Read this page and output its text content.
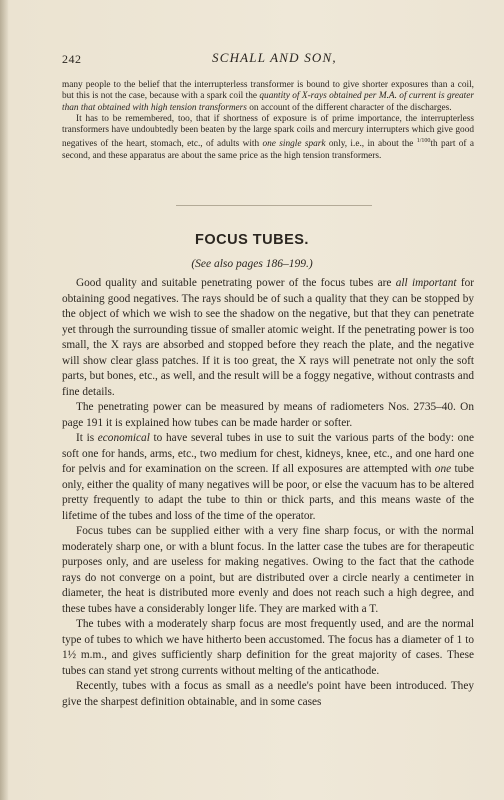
242	SCHALL AND SON,

many people to the belief that the interrupterless transformer is bound to give shorter exposures than a coil, but this is not the case, because with a spark coil the quantity of X-rays obtained per M.A. of current is greater than that obtained with high tension transformers on account of the different character of the discharges.

It has to be remembered, too, that if shortness of exposure is of prime importance, the interrupterless transformers have undoubtedly been beaten by the large spark coils and mercury interrupters which give good negatives of the heart, stomach, etc., of adults with one single spark only, i.e., in about the $^{1/100}$th part of a second, and these apparatus are about the same price as the high tension transformers.

FOCUS TUBES.
(See also pages 186–199.)

Good quality and suitable penetrating power of the focus tubes are all important for obtaining good negatives. The rays should be of such a quality that they can be stopped by the object of which we wish to see the shadow on the negative, but that they can penetrate yet through the surrounding tissue of smaller atomic weight. If the penetrating power is too small, the X rays are absorbed and stopped before they reach the plate, and the negative will show clear glass patches. If it is too great, the X rays will penetrate not only the soft parts, but bones, etc., as well, and the result will be a foggy negative, without contrasts and fine details.

The penetrating power can be measured by means of radiometers Nos. 2735–40. On page 191 it is explained how tubes can be made harder or softer.

It is economical to have several tubes in use to suit the various parts of the body: one soft one for hands, arms, etc., two medium for chest, kidneys, knee, etc., and one hard one for pelvis and for examination on the screen. If all exposures are attempted with one tube only, either the quality of many negatives will be poor, or else the vacuum has to be altered pretty frequently to adapt the tube to thin or thick parts, and this means waste of the lifetime of the tubes and loss of the time of the operator.

Focus tubes can be supplied either with a very fine sharp focus, or with the normal moderately sharp one, or with a blunt focus. In the latter case the tubes are for therapeutic purposes only, and are useless for making negatives. Owing to the fact that the cathode rays do not converge on a point, but are distributed over a circle nearly a centimeter in diameter, the heat is distributed more evenly and does not reach such a high degree, and these tubes have a considerably longer life. They are marked with a T.

The tubes with a moderately sharp focus are most frequently used, and are the normal type of tubes to which we have hitherto been accustomed. The focus has a diameter of 1 to 1½ m.m., and gives sufficiently sharp definition for the great majority of cases. These tubes can stand yet strong currents without melting of the anticathode.

Recently, tubes with a focus as small as a needle's point have been introduced. They give the sharpest definition obtainable, and in some cases
